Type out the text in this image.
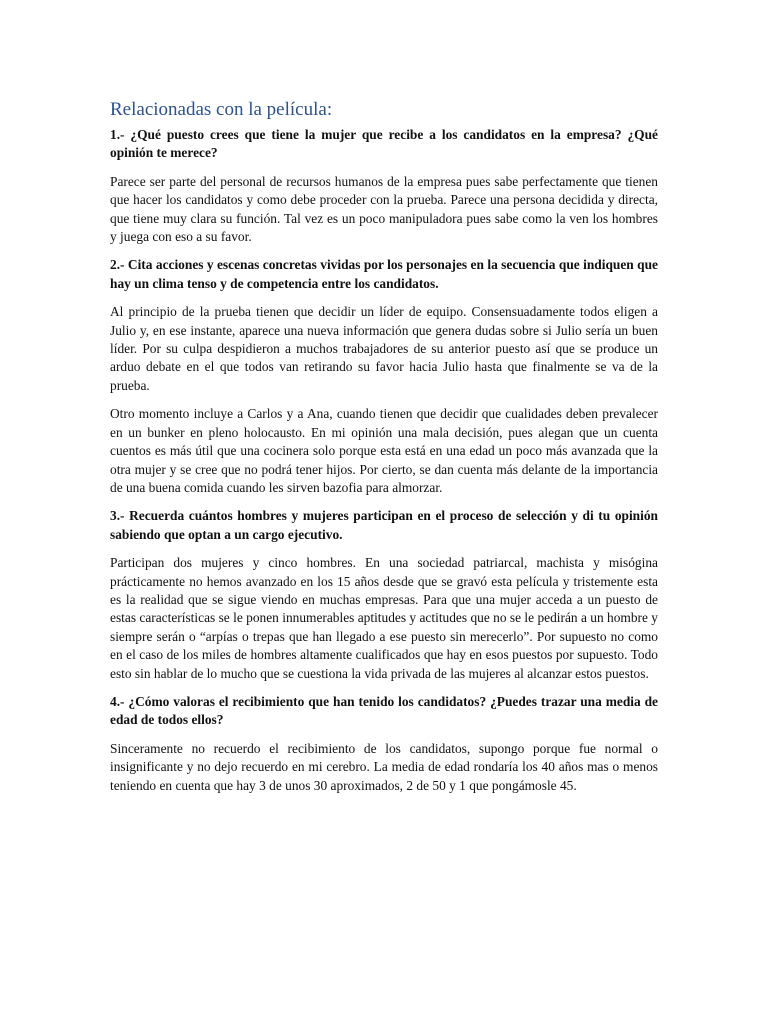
Relacionadas con la película:

1.- ¿Qué puesto crees que tiene la mujer que recibe a los candidatos en la empresa? ¿Qué opinión te merece?

Parece ser parte del personal de recursos humanos de la empresa pues sabe perfectamente que tienen que hacer los candidatos y como debe proceder con la prueba. Parece una persona decidida y directa, que tiene muy clara su función. Tal vez es un poco manipuladora pues sabe como la ven los hombres y juega con eso a su favor.

2.- Cita acciones y escenas concretas vividas por los personajes en la secuencia que indiquen que hay un clima tenso y de competencia entre los candidatos.

Al principio de la prueba tienen que decidir un líder de equipo. Consensuadamente todos eligen a Julio y, en ese instante, aparece una nueva información que genera dudas sobre si Julio sería un buen líder. Por su culpa despidieron a muchos trabajadores de su anterior puesto así que se produce un arduo debate en el que todos van retirando su favor hacia Julio hasta que finalmente se va de la prueba.

Otro momento incluye a Carlos y a Ana, cuando tienen que decidir que cualidades deben prevalecer en un bunker en pleno holocausto. En mi opinión una mala decisión, pues alegan que un cuenta cuentos es más útil que una cocinera solo porque esta está en una edad un poco más avanzada que la otra mujer y se cree que no podrá tener hijos. Por cierto, se dan cuenta más delante de la importancia de una buena comida cuando les sirven bazofia para almorzar.

3.- Recuerda cuántos hombres y mujeres participan en el proceso de selección y di tu opinión sabiendo que optan a un cargo ejecutivo.

Participan dos mujeres y cinco hombres. En una sociedad patriarcal, machista y misógina prácticamente no hemos avanzado en los 15 años desde que se gravó esta película y tristemente esta es la realidad que se sigue viendo en muchas empresas. Para que una mujer acceda a un puesto de estas características se le ponen innumerables aptitudes y actitudes que no se le pedirán a un hombre y siempre serán o “arpías o trepas que han llegado a ese puesto sin merecerlo”. Por supuesto no como en el caso de los miles de hombres altamente cualificados que hay en esos puestos por supuesto. Todo esto sin hablar de lo mucho que se cuestiona la vida privada de las mujeres al alcanzar estos puestos.

4.- ¿Cómo valoras el recibimiento que han tenido los candidatos? ¿Puedes trazar una media de edad de todos ellos?

Sinceramente no recuerdo el recibimiento de los candidatos, supongo porque fue normal o insignificante y no dejo recuerdo en mi cerebro. La media de edad rondaría los 40 años mas o menos teniendo en cuenta que hay 3 de unos 30 aproximados, 2 de 50 y 1 que pongámosle 45.
